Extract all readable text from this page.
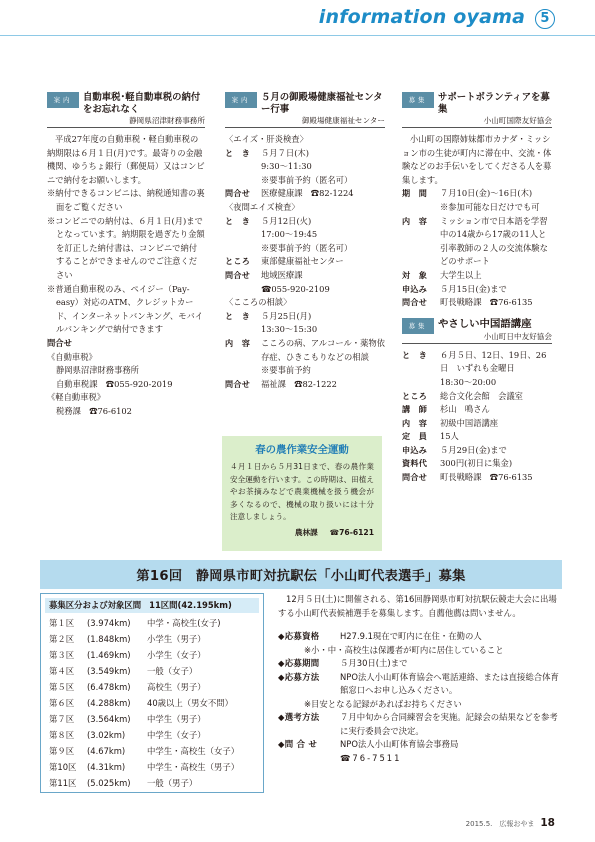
information oyama 5
案内	自動車税･軽自動車税の納付をお忘れなく
静岡県沼津財務事務所

平成27年度の自動車税・軽自動車税の納期限は６月１日(月)です。最寄りの金融機関、ゆうちょ銀行（郵便局）又はコンビニで納付をお願いします。

※納付できるコンビニは、納税通知書の裏面をご覧ください
※コンビニでの納付は、６月１日(月)までとなっています。納期限を過ぎたり金額を訂正した納付書は、コンビニで納付することができませんのでご注意ください
※普通自動車税のみ、ペイジー（Pay-easy）対応のATM、クレジットカード、インターネットバンキング、モバイルバンキングで納付できます
問合せ
《自動車税》
静岡県沼津財務事務所
自動車税課　☎055-920-2019
《軽自動車税》
税務課　☎76-6102
案内	５月の御殿場健康福祉センター行事
御殿場健康福祉センター
〈エイズ・肝炎検査〉
と　き	５月７日(木)
9:30～11:30
※要事前予約（匿名可）
問合せ	医療健康課　☎82-1224
〈夜間エイズ検査〉
と　き	５月12日(火)
17:00～19:45
※要事前予約（匿名可）
ところ	東部健康福祉センター
問合せ	地域医療課
☎055-920-2109
〈こころの相談〉
と　き	５月25日(月)
13:30～15:30
内　容	こころの病、アルコール・薬物依存症、ひきこもりなどの相談
※要事前予約
問合せ	福祉課　☎82-1222
春の農作業安全運動
４月１日から５月31日まで、春の農作業安全運動を行います。この時期は、田植えやお茶摘みなどで農業機械を扱う機会が多くなるので、機械の取り扱いには十分注意しましょう。
農林課 ☎76-6121
募集	サポートボランティアを募集
小山町国際友好協会

小山町の国際姉妹都市カナダ・ミッション市の生徒が町内に滞在中、交流・体験などのお手伝いをしてくださる人を募集します。

期　間	７月10日(金)～16日(木)
※参加可能な日だけでも可
内　容	ミッション市で日本語を学習中の14歳から17歳の11人と引率教師の２人の交流体験などのサポート
対　象	大学生以上
申込み	５月15日(金)まで
問合せ	町長戦略課　☎76-6135
募集	やさしい中国語講座
小山町日中友好協会
と　き	６月５日、12日、19日、26日　いずれも金曜日
18:30～20:00
ところ	総合文化会館　会議室
講　師	杉山　鳴さん
内　容	初級中国語講座
定　員	15人
申込み	５月29日(金)まで
資料代	300円(初日に集金)
問合せ	町長戦略課　☎76-6135
第16回　静岡県市町対抗駅伝「小山町代表選手」募集
募集区分および対象区間 11区間(42.195km)
第１区	(3.974km)	中学・高校生(女子)
第２区	(1.848km)	小学生（男子）
第３区	(1.469km)	小学生（女子）
第４区	(3.549km)	一般（女子）
第５区	(6.478km)	高校生（男子）
第６区	(4.288km)	40歳以上（男女不問）
第７区	(3.564km)	中学生（男子）
第８区	(3.02km)	中学生（女子）
第９区	(4.67km)	中学生・高校生（女子）
第10区	(4.31km)	中学生・高校生（男子）
第11区	(5.025km)	一般（男子）
12月５日(土)に開催される、第16回静岡県市町対抗駅伝競走大会に出場する小山町代表候補選手を募集します。自薦他薦は問いません。
◆応募資格	H27.9.1現在で町内に在住・在勤の人
※小・中・高校生は保護者が町内に居住していること
◆応募期間	５月30日(土)まで
◆応募方法	NPO法人小山町体育協会へ電話連絡、または直接総合体育館窓口へお申し込みください。
※目安となる記録があればお持ちください
◆選考方法	７月中旬から合同練習会を実施。記録会の結果などを参考に実行委員会で決定。
◆問 合 せ	NPO法人小山町体育協会事務局
☎76-7511
2015.5.　広報おやま 18
